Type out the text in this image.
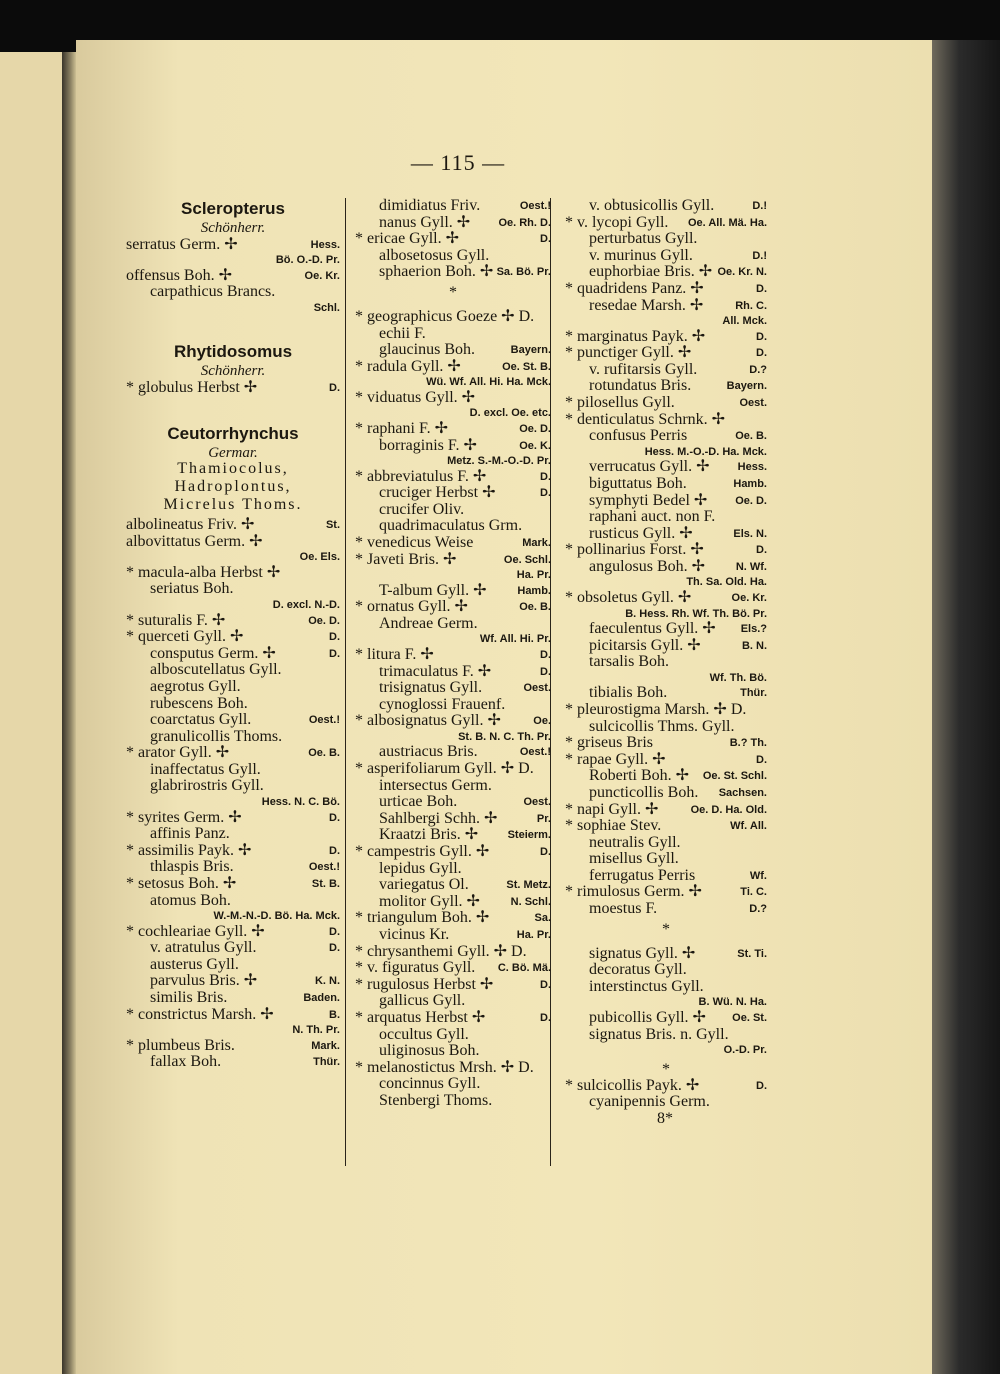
— 115 —
Scleropterus
Schönherr.
serratus Germ. ✢	Hess.
Bö. O.-D. Pr.
offensus Boh. ✢	Oe. Kr.
carpathicus Brancs.
Schl.
Rhytidosomus
Schönherr.
* globulus Herbst ✢	D.
Ceutorrhynchus
Germar.
Thamiocolus,
Hadroplontus,
Micrelus Thoms.
albolineatus Friv. ✢	St.
albovittatus Germ. ✢
Oe. Els.
* macula-alba Herbst ✢
seriatus Boh.
D. excl. N.-D.
* suturalis F. ✢	Oe. D.
* querceti Gyll. ✢	D.
consputus Germ. ✢	D.
alboscutellatus Gyll.
aegrotus Gyll.
rubescens Boh.
coarctatus Gyll.	Oest.!
granulicollis Thoms.
* arator Gyll. ✢	Oe. B.
inaffectatus Gyll.
glabrirostris Gyll.
Hess. N. C. Bö.
* syrites Germ. ✢	D.
affinis Panz.
* assimilis Payk. ✢	D.
thlaspis Bris.	Oest.!
* setosus Boh. ✢	St. B.
atomus Boh.
W.-M.-N.-D. Bö. Ha. Mck.
* cochleariae Gyll. ✢	D.
v. atratulus Gyll.	D.
austerus Gyll.
parvulus Bris. ✢	K. N.
similis Bris.	Baden.
* constrictus Marsh. ✢	B.
N. Th. Pr.
* plumbeus Bris.	Mark.
fallax Boh.	Thür.
dimidiatus Friv.	Oest.!
nanus Gyll. ✢	Oe. Rh. D.
* ericae Gyll. ✢	D.
albosetosus Gyll.
sphaerion Boh. ✢ Sa. Bö. Pr.
*
* geographicus Goeze ✢ D.
echii F.
glaucinus Boh.	Bayern.
* radula Gyll. ✢	Oe. St. B.
Wü. Wf. All. Hi. Ha. Mck.
* viduatus Gyll. ✢
D. excl. Oe. etc.
* raphani F. ✢	Oe. D.
borraginis F. ✢	Oe. K.
Metz. S.-M.-O.-D. Pr.
* abbreviatulus F. ✢	D.
cruciger Herbst ✢	D.
crucifer Oliv.
quadrimaculatus Grm.
* venedicus Weise	Mark.
* Javeti Bris. ✢	Oe. Schl.
Ha. Pr.
T-album Gyll. ✢	Hamb.
* ornatus Gyll. ✢	Oe. B.
Andreae Germ.
Wf. All. Hi. Pr.
* litura F. ✢	D.
trimaculatus F. ✢	D.
trisignatus Gyll.	Oest.
cynoglossi Frauenf.
* albosignatus Gyll. ✢	Oe.
St. B. N. C. Th. Pr.
austriacus Bris.	Oest.!
* asperifoliarum Gyll. ✢ D.
intersectus Germ.
urticae Boh.	Oest.
Sahlbergi Schh. ✢	Pr.
Kraatzi Bris. ✢	Steierm.
* campestris Gyll. ✢	D.
lepidus Gyll.
variegatus Ol.	St. Metz.
molitor Gyll. ✢	N. Schl.
* triangulum Boh. ✢	Sa.
vicinus Kr.	Ha. Pr.
* chrysanthemi Gyll. ✢ D.
* v. figuratus Gyll. C. Bö. Mä.
* rugulosus Herbst ✢	D.
gallicus Gyll.
* arquatus Herbst ✢	D.
occultus Gyll.
uliginosus Boh.
* melanostictus Mrsh. ✢ D.
concinnus Gyll.
Stenbergi Thoms.
v. obtusicollis Gyll.	D.!
* v. lycopi Gyll. Oe. All. Mä. Ha.
perturbatus Gyll.
v. murinus Gyll.	D.!
euphorbiae Bris. ✢ Oe. Kr. N.
* quadridens Panz. ✢	D.
resedae Marsh. ✢	Rh. C.
All. Mck.
* marginatus Payk. ✢	D.
* punctiger Gyll. ✢	D.
v. rufitarsis Gyll.	D.?
rotundatus Bris.	Bayern.
* pilosellus Gyll.	Oest.
* denticulatus Schrnk. ✢
confusus Perris	Oe. B.
Hess. M.-O.-D. Ha. Mck.
verrucatus Gyll. ✢	Hess.
biguttatus Boh.	Hamb.
symphyti Bedel ✢	Oe. D.
raphani auct. non F.
rusticus Gyll. ✢	Els. N.
* pollinarius Forst. ✢	D.
angulosus Boh. ✢	N. Wf.
Th. Sa. Old. Ha.
* obsoletus Gyll. ✢	Oe. Kr.
B. Hess. Rh. Wf. Th. Bö. Pr.
faeculentus Gyll. ✢ Els.?
picitarsis Gyll. ✢	B. N.
tarsalis Boh.
Wf. Th. Bö.
tibialis Boh.	Thür.
* pleurostigma Marsh. ✢ D.
sulcicollis Thms. Gyll.
* griseus Bris	B.? Th.
* rapae Gyll. ✢	D.
Roberti Boh. ✢ Oe. St. Schl.
puncticollis Boh. Sachsen.
* napi Gyll. ✢	Oe. D. Ha. Old.
* sophiae Stev.	Wf. All.
neutralis Gyll.
misellus Gyll.
ferrugatus Perris	Wf.
* rimulosus Germ. ✢	Ti. C.
moestus F.	D.?
*
signatus Gyll. ✢	St. Ti.
decoratus Gyll.
interstinctus Gyll.
B. Wü. N. Ha.
pubicollis Gyll. ✢ Oe. St.
signatus Bris. n. Gyll.
O.-D. Pr.
*
* sulcicollis Payk. ✢	D.
cyanipennis Germ.
8*
